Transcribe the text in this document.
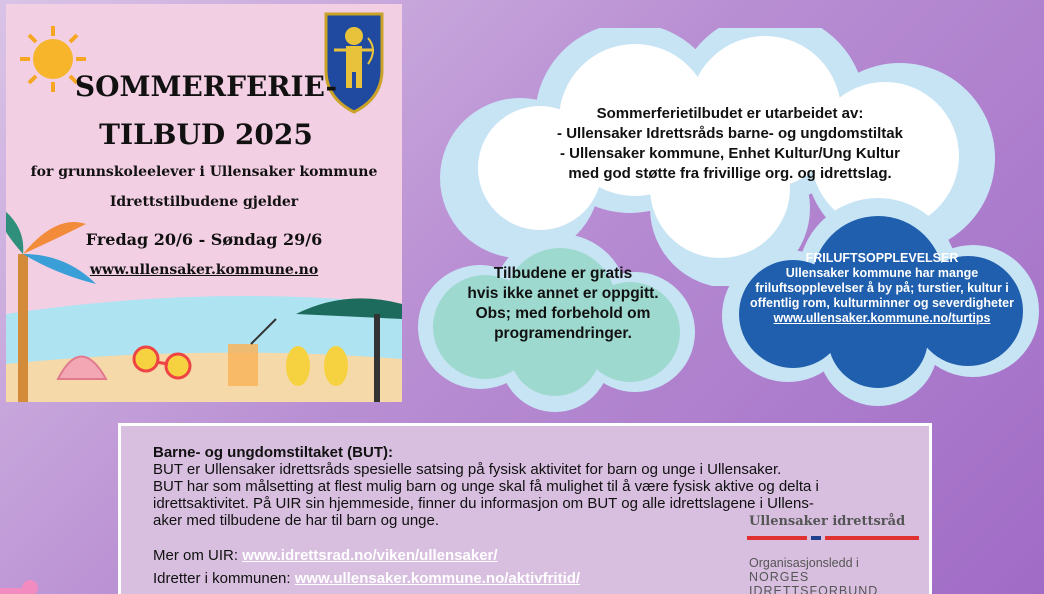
SOMMERFERIE-
TILBUD 2025
for grunnskoleelever i Ullensaker kommune
Idrettstilbudene gjelder
Fredag 20/6 - Søndag 29/6
www.ullensaker.kommune.no
Sommerferietilbudet er utarbeidet av:
- Ullensaker Idrettsråds barne- og ungdomstiltak
- Ullensaker kommune, Enhet Kultur/Ung Kultur
med god støtte fra frivillige org. og idrettslag.
Tilbudene er gratis
hvis ikke annet er oppgitt.
Obs; med forbehold om
programendringer.
FRILUFTSOPPLEVELSER
Ullensaker kommune har mange
friluftsopplevelser å by på; turstier, kultur i
offentlig rom, kulturminner og severdigheter
www.ullensaker.kommune.no/turtips

Barne- og ungdomstiltaket (BUT):

BUT er Ullensaker idrettsråds spesielle satsing på fysisk aktivitet for barn og unge i Ullensaker.

BUT har som målsetting at flest mulig barn og unge skal få mulighet til å være fysisk aktive og delta i

idrettsaktivitet. På UIR sin hjemmeside, finner du informasjon om BUT og alle idrettslagene i Ullens-

aker med tilbudene de har til barn og unge.

Mer om UIR: www.idrettsrad.no/viken/ullensaker/

Idretter i kommunen: www.ullensaker.kommune.no/aktivfritid/

Ullensaker idrettsråd
Organisasjonsledd i
NORGES
IDRETTSFORBUND
